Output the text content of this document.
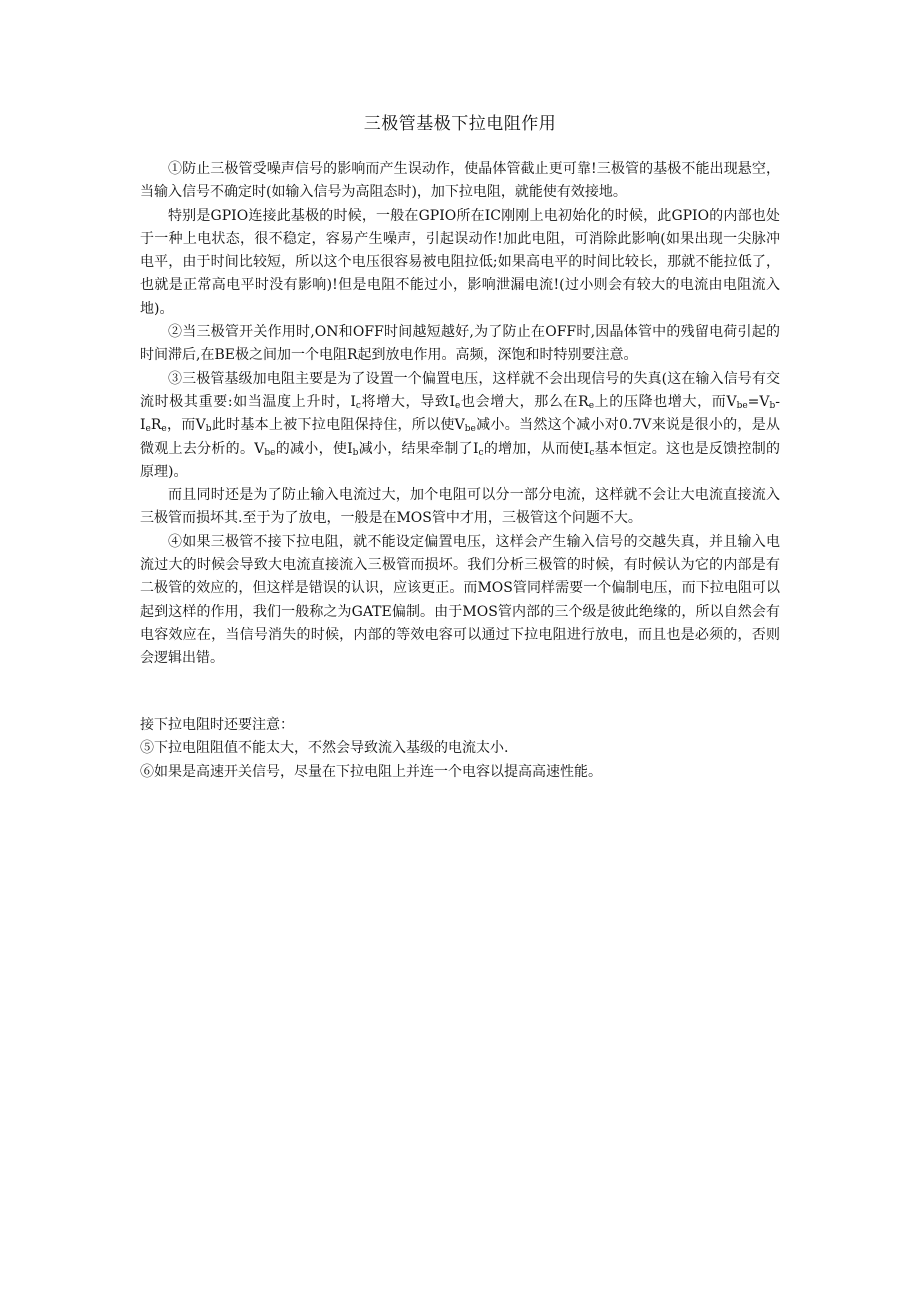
三极管基极下拉电阻作用

①防止三极管受噪声信号的影响而产生误动作，使晶体管截止更可靠!三极管的基极不能出现悬空，当输入信号不确定时(如输入信号为高阻态时)，加下拉电阻，就能使有效接地。

特别是GPIO连接此基极的时候，一般在GPIO所在IC刚刚上电初始化的时候，此GPIO的内部也处于一种上电状态，很不稳定，容易产生噪声，引起误动作!加此电阻，可消除此影响(如果出现一尖脉冲电平，由于时间比较短，所以这个电压很容易被电阻拉低;如果高电平的时间比较长，那就不能拉低了，也就是正常高电平时没有影响)!但是电阻不能过小，影响泄漏电流!(过小则会有较大的电流由电阻流入地)。

②当三极管开关作用时,ON和OFF时间越短越好,为了防止在OFF时,因晶体管中的残留电荷引起的时间滞后,在BE极之间加一个电阻R起到放电作用。高频，深饱和时特别要注意。

③三极管基级加电阻主要是为了设置一个偏置电压，这样就不会出现信号的失真(这在输入信号有交流时极其重要:如当温度上升时，$I_c$将增大，导致$I_e$也会增大，那么在$R_e$上的压降也增大，而$V_{be}=V_b-I_eR_e$，而$V_b$此时基本上被下拉电阻保持住，所以使$V_{be}$减小。当然这个减小对0.7V来说是很小的，是从微观上去分析的。$V_{be}$的减小，使$I_b$减小，结果牵制了$I_c$的增加，从而使$I_c$基本恒定。这也是反馈控制的原理)。

而且同时还是为了防止输入电流过大，加个电阻可以分一部分电流，这样就不会让大电流直接流入三极管而损坏其.至于为了放电，一般是在MOS管中才用，三极管这个问题不大。

④如果三极管不接下拉电阻，就不能设定偏置电压，这样会产生输入信号的交越失真，并且输入电流过大的时候会导致大电流直接流入三极管而损坏。我们分析三极管的时候，有时候认为它的内部是有二极管的效应的，但这样是错误的认识，应该更正。而MOS管同样需要一个偏制电压，而下拉电阻可以起到这样的作用，我们一般称之为GATE偏制。由于MOS管内部的三个级是彼此绝缘的，所以自然会有电容效应在，当信号消失的时候，内部的等效电容可以通过下拉电阻进行放电，而且也是必须的，否则会逻辑出错。

接下拉电阻时还要注意：

⑤下拉电阻阻值不能太大，不然会导致流入基级的电流太小.

⑥如果是高速开关信号，尽量在下拉电阻上并连一个电容以提高高速性能。
